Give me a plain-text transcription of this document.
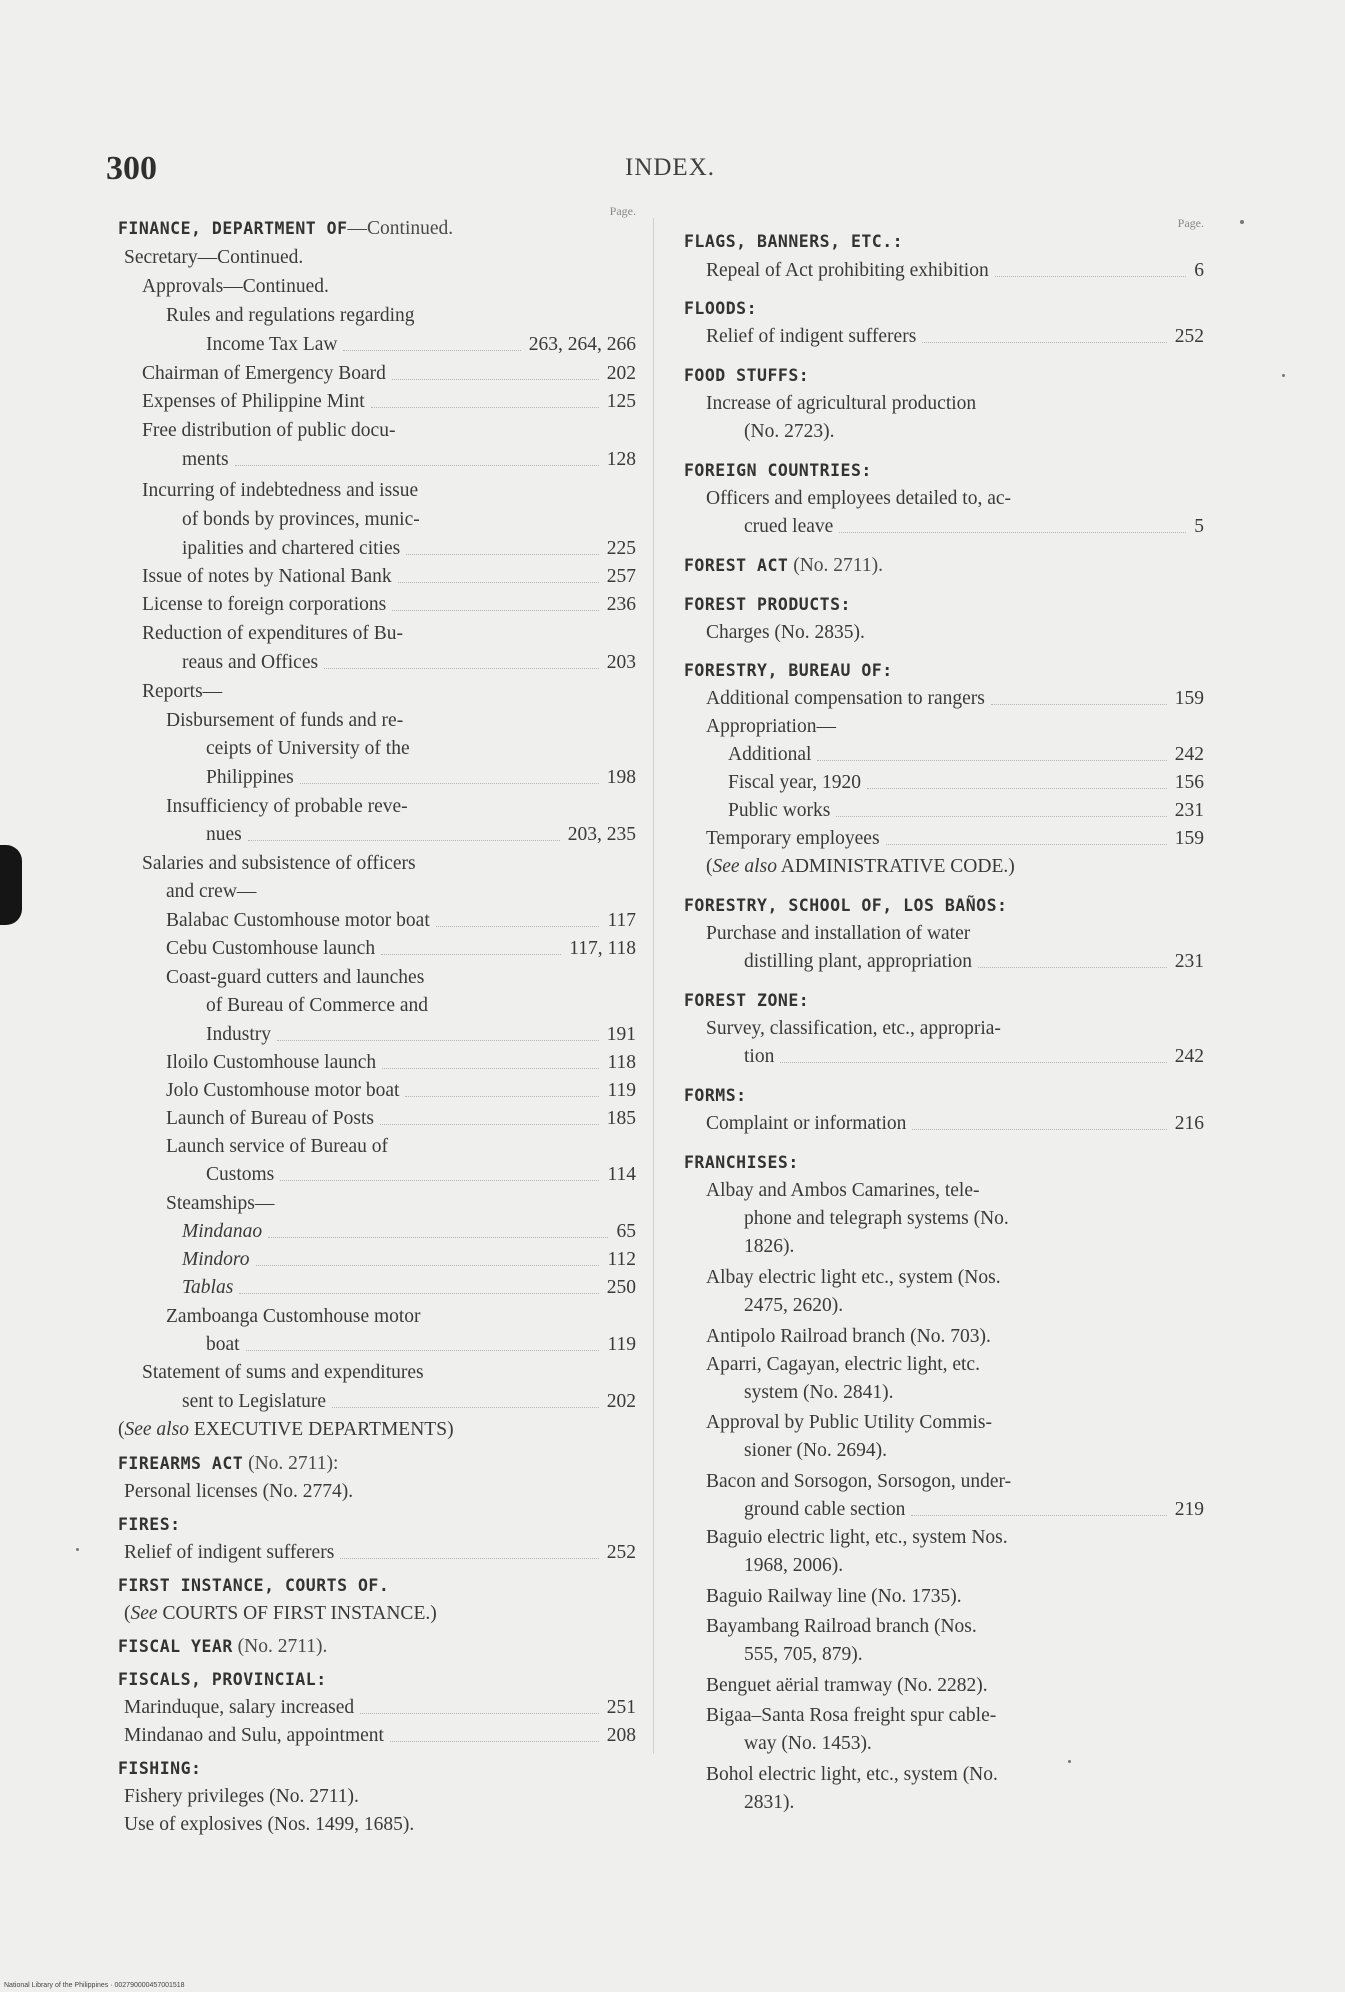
300	INDEX.
Page.
FINANCE, DEPARTMENT OF—Continued.
Secretary—Continued.
Approvals—Continued.
Rules and regulations regarding
Income Tax Law	263, 264, 266
Chairman of Emergency Board	202
Expenses of Philippine Mint	125
Free distribution of public docu-
ments	128
Incurring of indebtedness and issue
of bonds by provinces, munic-
ipalities and chartered cities	225
Issue of notes by National Bank	257
License to foreign corporations	236
Reduction of expenditures of Bu-
reaus and Offices	203
Reports—
Disbursement of funds and re-
ceipts of University of the
Philippines	198
Insufficiency of probable reve-
nues	203, 235
Salaries and subsistence of officers
and crew—
Balabac Customhouse motor boat	117
Cebu Customhouse launch	117, 118
Coast-guard cutters and launches
of Bureau of Commerce and
Industry	191
Iloilo Customhouse launch	118
Jolo Customhouse motor boat	119
Launch of Bureau of Posts	185
Launch service of Bureau of
Customs	114
Steamships—
Mindanao	65
Mindoro	112
Tablas	250
Zamboanga Customhouse motor
boat	119
Statement of sums and expenditures
sent to Legislature	202
(See also EXECUTIVE DEPARTMENTS)
FIREARMS ACT (No. 2711):
Personal licenses (No. 2774).
FIRES:
Relief of indigent sufferers	252
FIRST INSTANCE, COURTS OF.
(See COURTS OF FIRST INSTANCE.)
FISCAL YEAR (No. 2711).
FISCALS, PROVINCIAL:
Marinduque, salary increased	251
Mindanao and Sulu, appointment	208
FISHING:
Fishery privileges (No. 2711).
Use of explosives (Nos. 1499, 1685).
Page.
FLAGS, BANNERS, ETC.:
Repeal of Act prohibiting exhibition	6
FLOODS:
Relief of indigent sufferers	252
FOOD STUFFS:
Increase of agricultural production
(No. 2723).
FOREIGN COUNTRIES:
Officers and employees detailed to, ac-
crued leave	5
FOREST ACT (No. 2711).
FOREST PRODUCTS:
Charges (No. 2835).
FORESTRY, BUREAU OF:
Additional compensation to rangers	159
Appropriation—
Additional	242
Fiscal year, 1920	156
Public works	231
Temporary employees	159
(See also ADMINISTRATIVE CODE.)
FORESTRY, SCHOOL OF, LOS BAÑOS:
Purchase and installation of water
distilling plant, appropriation	231
FOREST ZONE:
Survey, classification, etc., appropria-
tion	242
FORMS:
Complaint or information	216
FRANCHISES:
Albay and Ambos Camarines, tele-
phone and telegraph systems (No.
1826).
Albay electric light etc., system (Nos.
2475, 2620).
Antipolo Railroad branch (No. 703).
Aparri, Cagayan, electric light, etc.
system (No. 2841).
Approval by Public Utility Commis-
sioner (No. 2694).
Bacon and Sorsogon, Sorsogon, under-
ground cable section	219
Baguio electric light, etc., system Nos.
1968, 2006).
Baguio Railway line (No. 1735).
Bayambang Railroad branch (Nos.
555, 705, 879).
Benguet aërial tramway (No. 2282).
Bigaa–Santa Rosa freight spur cable-
way (No. 1453).
Bohol electric light, etc., system (No.
2831).
National Library of the Philippines · 002790000457001518
